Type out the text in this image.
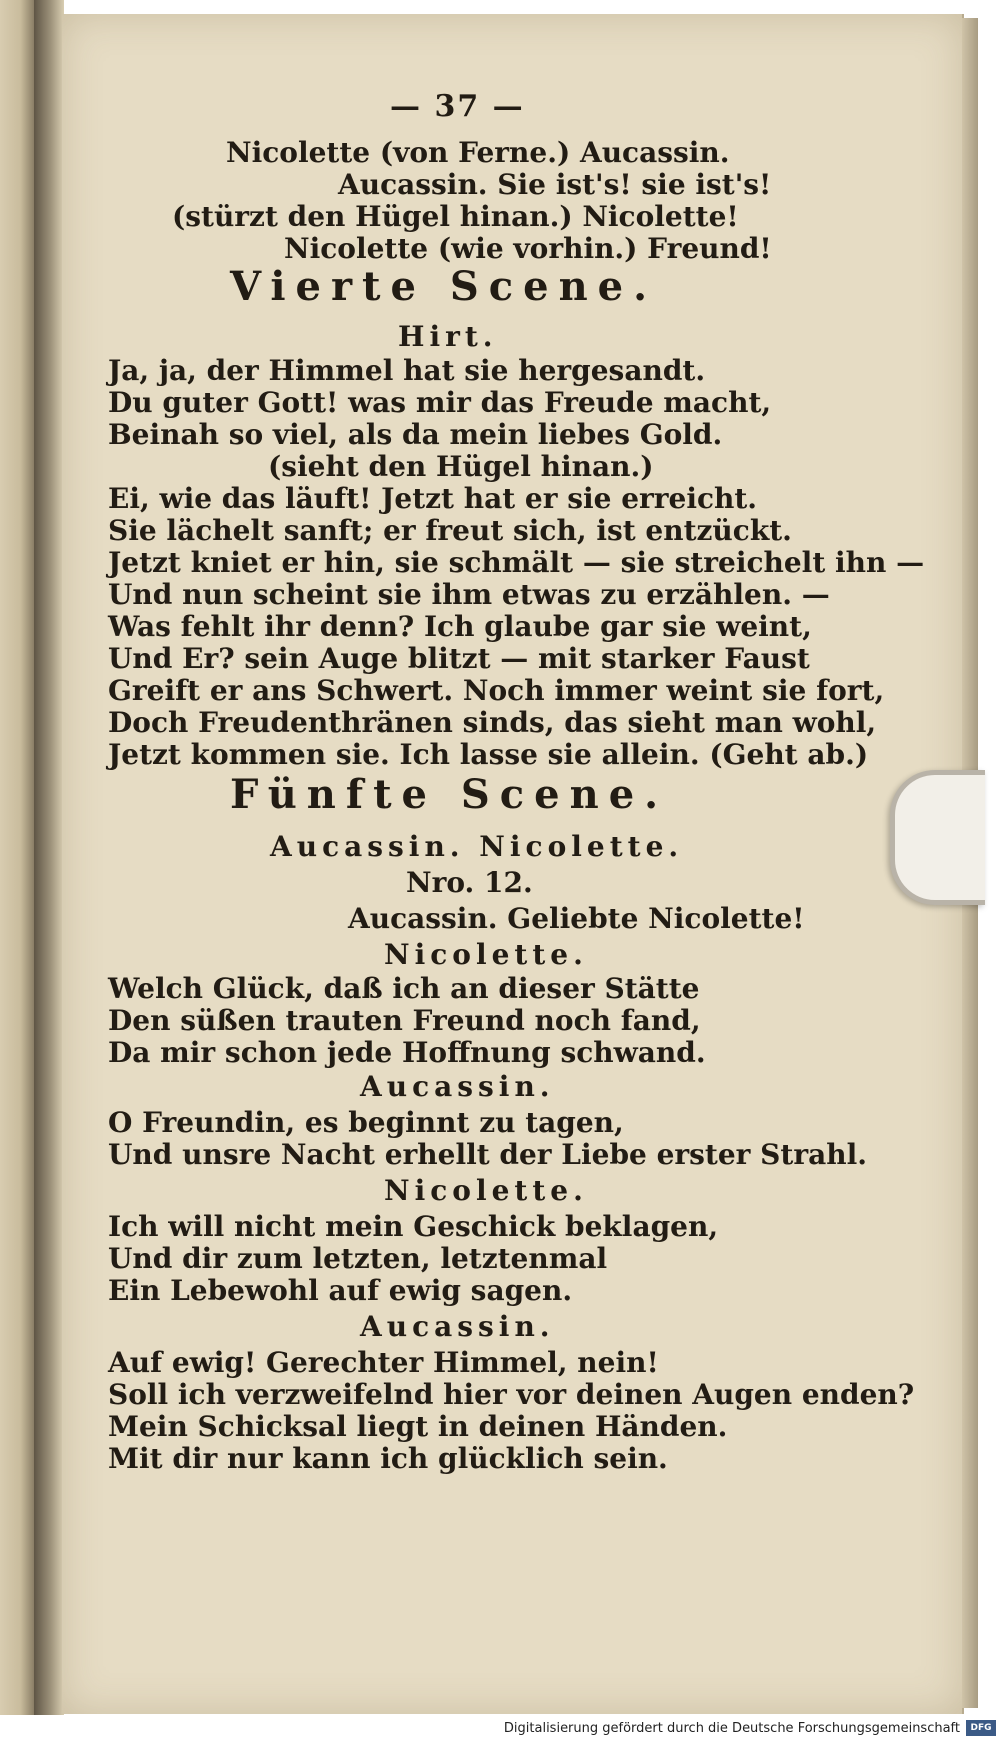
— 37 —
Nicolette (von Ferne.) Aucassin.
Aucassin. Sie ist's! sie ist's!
(stürzt den Hügel hinan.) Nicolette!
Nicolette (wie vorhin.) Freund!
Vierte Scene.
Hirt.
Ja, ja, der Himmel hat sie hergesandt.
Du guter Gott! was mir das Freude macht,
Beinah so viel, als da mein liebes Gold.
(sieht den Hügel hinan.)
Ei, wie das läuft! Jetzt hat er sie erreicht.
Sie lächelt sanft; er freut sich, ist entzückt.
Jetzt kniet er hin, sie schmält — sie streichelt ihn —
Und nun scheint sie ihm etwas zu erzählen. —
Was fehlt ihr denn? Ich glaube gar sie weint,
Und Er? sein Auge blitzt — mit starker Faust
Greift er ans Schwert. Noch immer weint sie fort,
Doch Freudenthränen sinds, das sieht man wohl,
Jetzt kommen sie. Ich lasse sie allein. (Geht ab.)
Fünfte Scene.
Aucassin. Nicolette.
Nro. 12.
Aucassin. Geliebte Nicolette!
Nicolette.
Welch Glück, daß ich an dieser Stätte
Den süßen trauten Freund noch fand,
Da mir schon jede Hoffnung schwand.
Aucassin.
O Freundin, es beginnt zu tagen,
Und unsre Nacht erhellt der Liebe erster Strahl.
Nicolette.
Ich will nicht mein Geschick beklagen,
Und dir zum letzten, letztenmal
Ein Lebewohl auf ewig sagen.
Aucassin.
Auf ewig! Gerechter Himmel, nein!
Soll ich verzweifelnd hier vor deinen Augen enden?
Mein Schicksal liegt in deinen Händen.
Mit dir nur kann ich glücklich sein.
Digitalisierung gefördert durch die Deutsche Forschungsgemeinschaft	DFG
